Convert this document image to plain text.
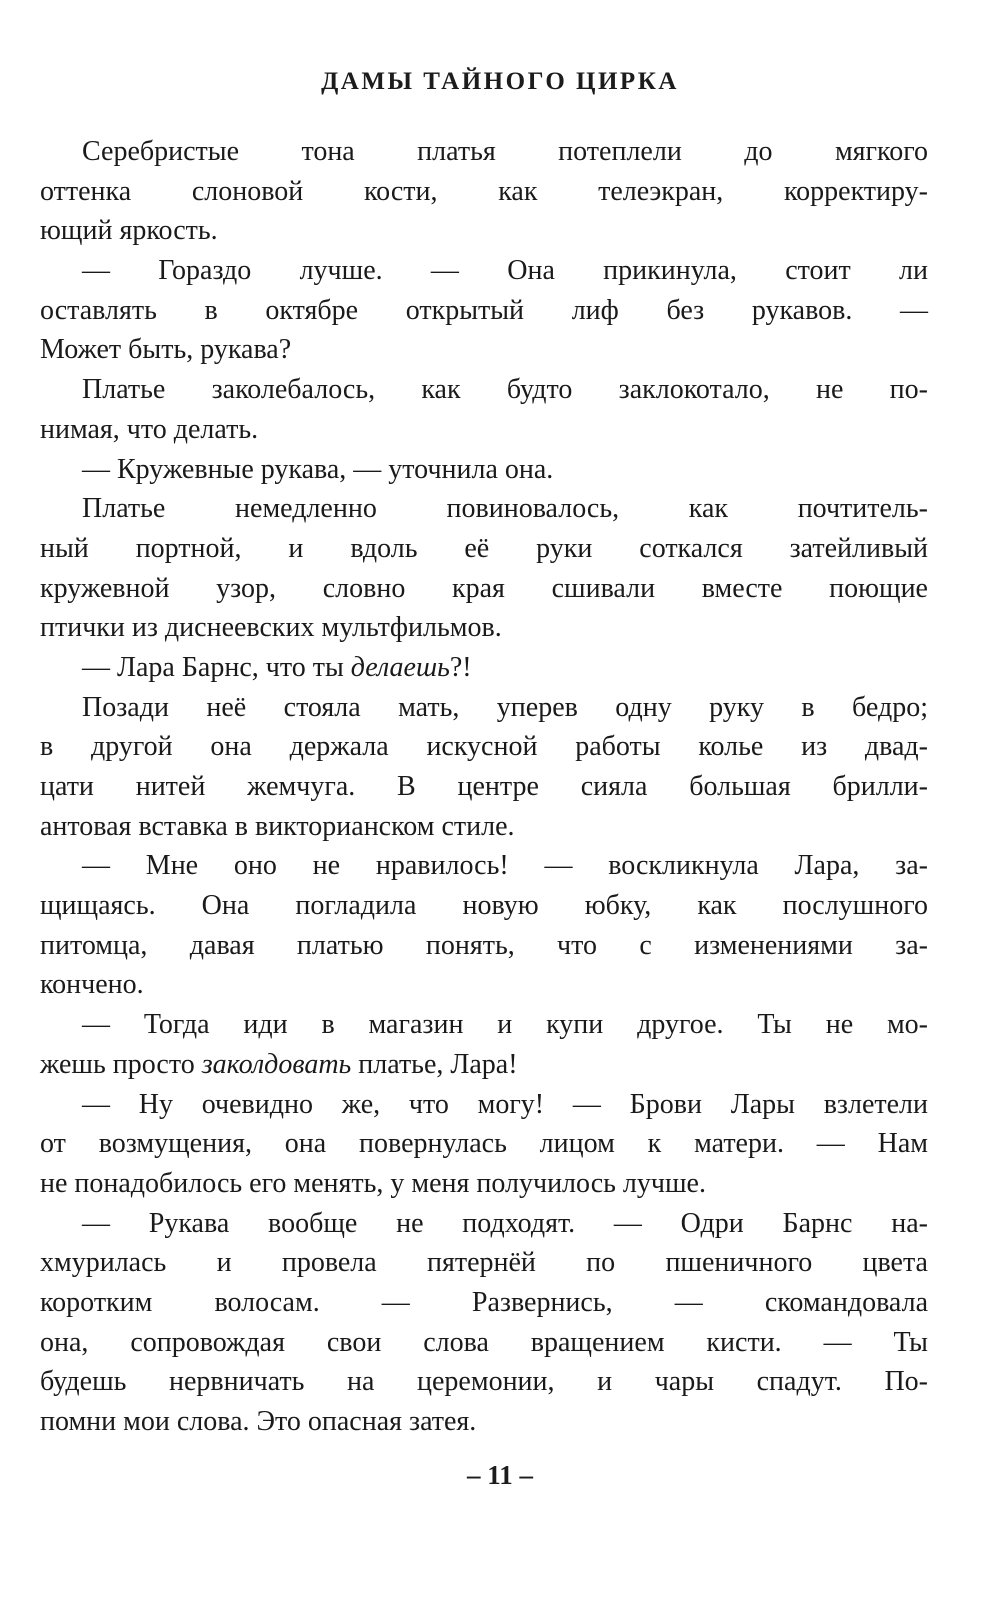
ДАМЫ ТАЙНОГО ЦИРКА
Серебристые тона платья потеплели до мягкого
оттенка слоновой кости, как телеэкран, корректиру-
ющий яркость.
— Гораздо лучше. — Она прикинула, стоит ли
оставлять в октябре открытый лиф без рукавов. —
Может быть, рукава?
Платье заколебалось, как будто заклокотало, не по-
нимая, что делать.
— Кружевные рукава, — уточнила она.
Платье немедленно повиновалось, как почтитель-
ный портной, и вдоль её руки соткался затейливый
кружевной узор, словно края сшивали вместе поющие
птички из диснеевских мультфильмов.
— Лара Барнс, что ты делаешь?!
Позади неё стояла мать, уперев одну руку в бедро;
в другой она держала искусной работы колье из двад-
цати нитей жемчуга. В центре сияла большая брилли-
антовая вставка в викторианском стиле.
— Мне оно не нравилось! — воскликнула Лара, за-
щищаясь. Она погладила новую юбку, как послушного
питомца, давая платью понять, что с изменениями за-
кончено.
— Тогда иди в магазин и купи другое. Ты не мо-
жешь просто заколдовать платье, Лара!
— Ну очевидно же, что могу! — Брови Лары взлетели
от возмущения, она повернулась лицом к матери. — Нам
не понадобилось его менять, у меня получилось лучше.
— Рукава вообще не подходят. — Одри Барнс на-
хмурилась и провела пятернёй по пшеничного цвета
коротким волосам. — Развернись, — скомандовала
она, сопровождая свои слова вращением кисти. — Ты
будешь нервничать на церемонии, и чары спадут. По-
помни мои слова. Это опасная затея.
– 11 –
